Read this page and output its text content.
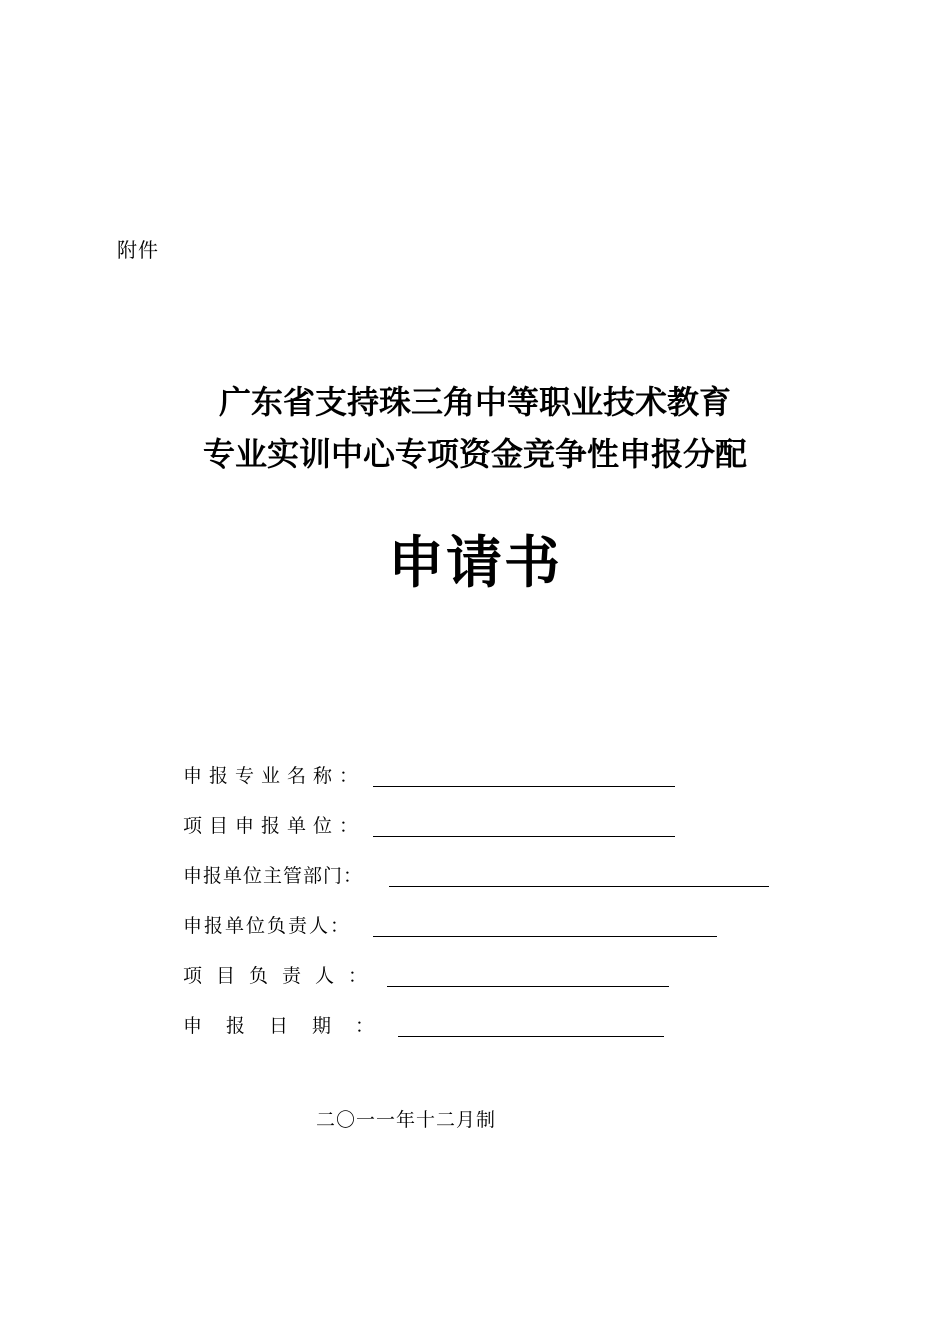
附件
广东省支持珠三角中等职业技术教育
专业实训中心专项资金竞争性申报分配
申请书
申报专业名称：
项目申报单位：
申报单位主管部门：
申报单位负责人：
项目负责人：
申报日期：
二〇一一年十二月制
